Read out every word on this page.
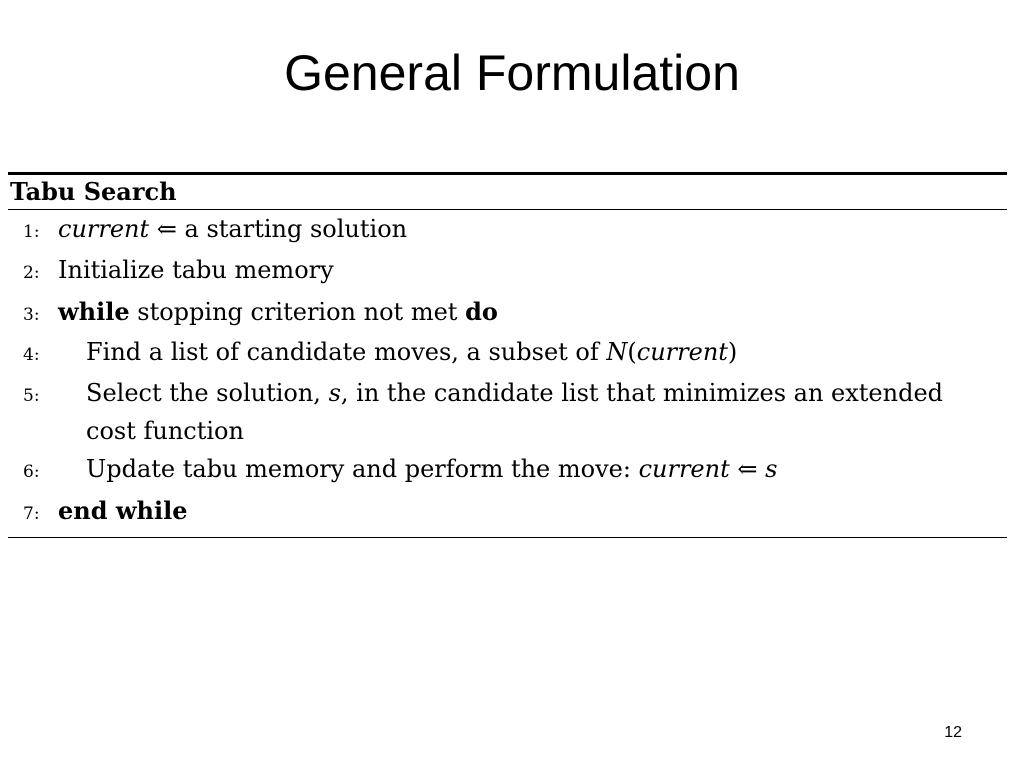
General Formulation
Tabu Search
1: current ⇐ a starting solution
2: Initialize tabu memory
3: while stopping criterion not met do
4:	Find a list of candidate moves, a subset of N(current)
5:	Select the solution, s, in the candidate list that minimizes an extended
cost function
6:	Update tabu memory and perform the move: current ⇐ s
7: end while
12
